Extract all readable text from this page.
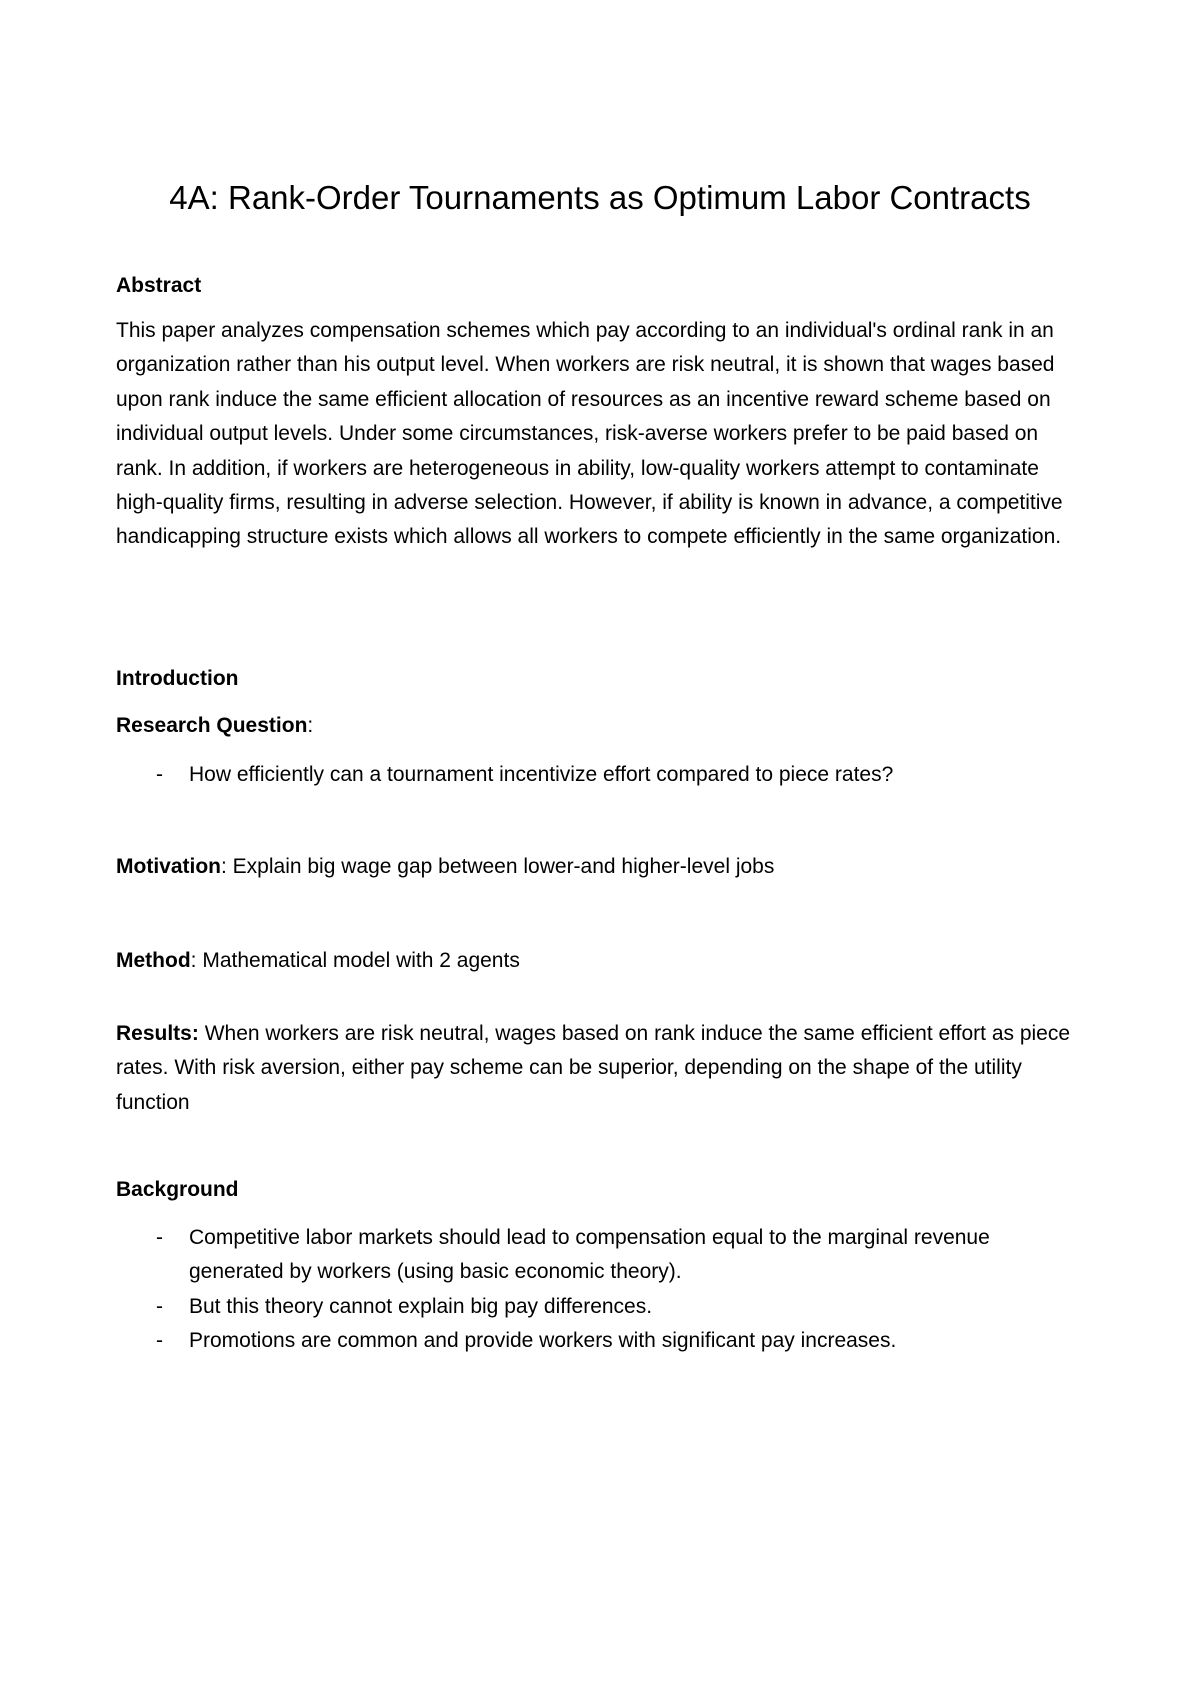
4A: Rank-Order Tournaments as Optimum Labor Contracts

Abstract

This paper analyzes compensation schemes which pay according to an individual's ordinal rank in an organization rather than his output level. When workers are risk neutral, it is shown that wages based upon rank induce the same efficient allocation of resources as an incentive reward scheme based on individual output levels. Under some circumstances, risk-averse workers prefer to be paid based on rank. In addition, if workers are heterogeneous in ability, low-quality workers attempt to contaminate high-quality firms, resulting in adverse selection. However, if ability is known in advance, a competitive handicapping structure exists which allows all workers to compete efficiently in the same organization.

Introduction

Research Question:

- How efficiently can a tournament incentivize effort compared to piece rates?

Motivation: Explain big wage gap between lower-and higher-level jobs

Method: Mathematical model with 2 agents

Results: When workers are risk neutral, wages based on rank induce the same efficient effort as piece rates. With risk aversion, either pay scheme can be superior, depending on the shape of the utility function

Background

- Competitive labor markets should lead to compensation equal to the marginal revenue generated by workers (using basic economic theory).
- But this theory cannot explain big pay differences.
- Promotions are common and provide workers with significant pay increases.
